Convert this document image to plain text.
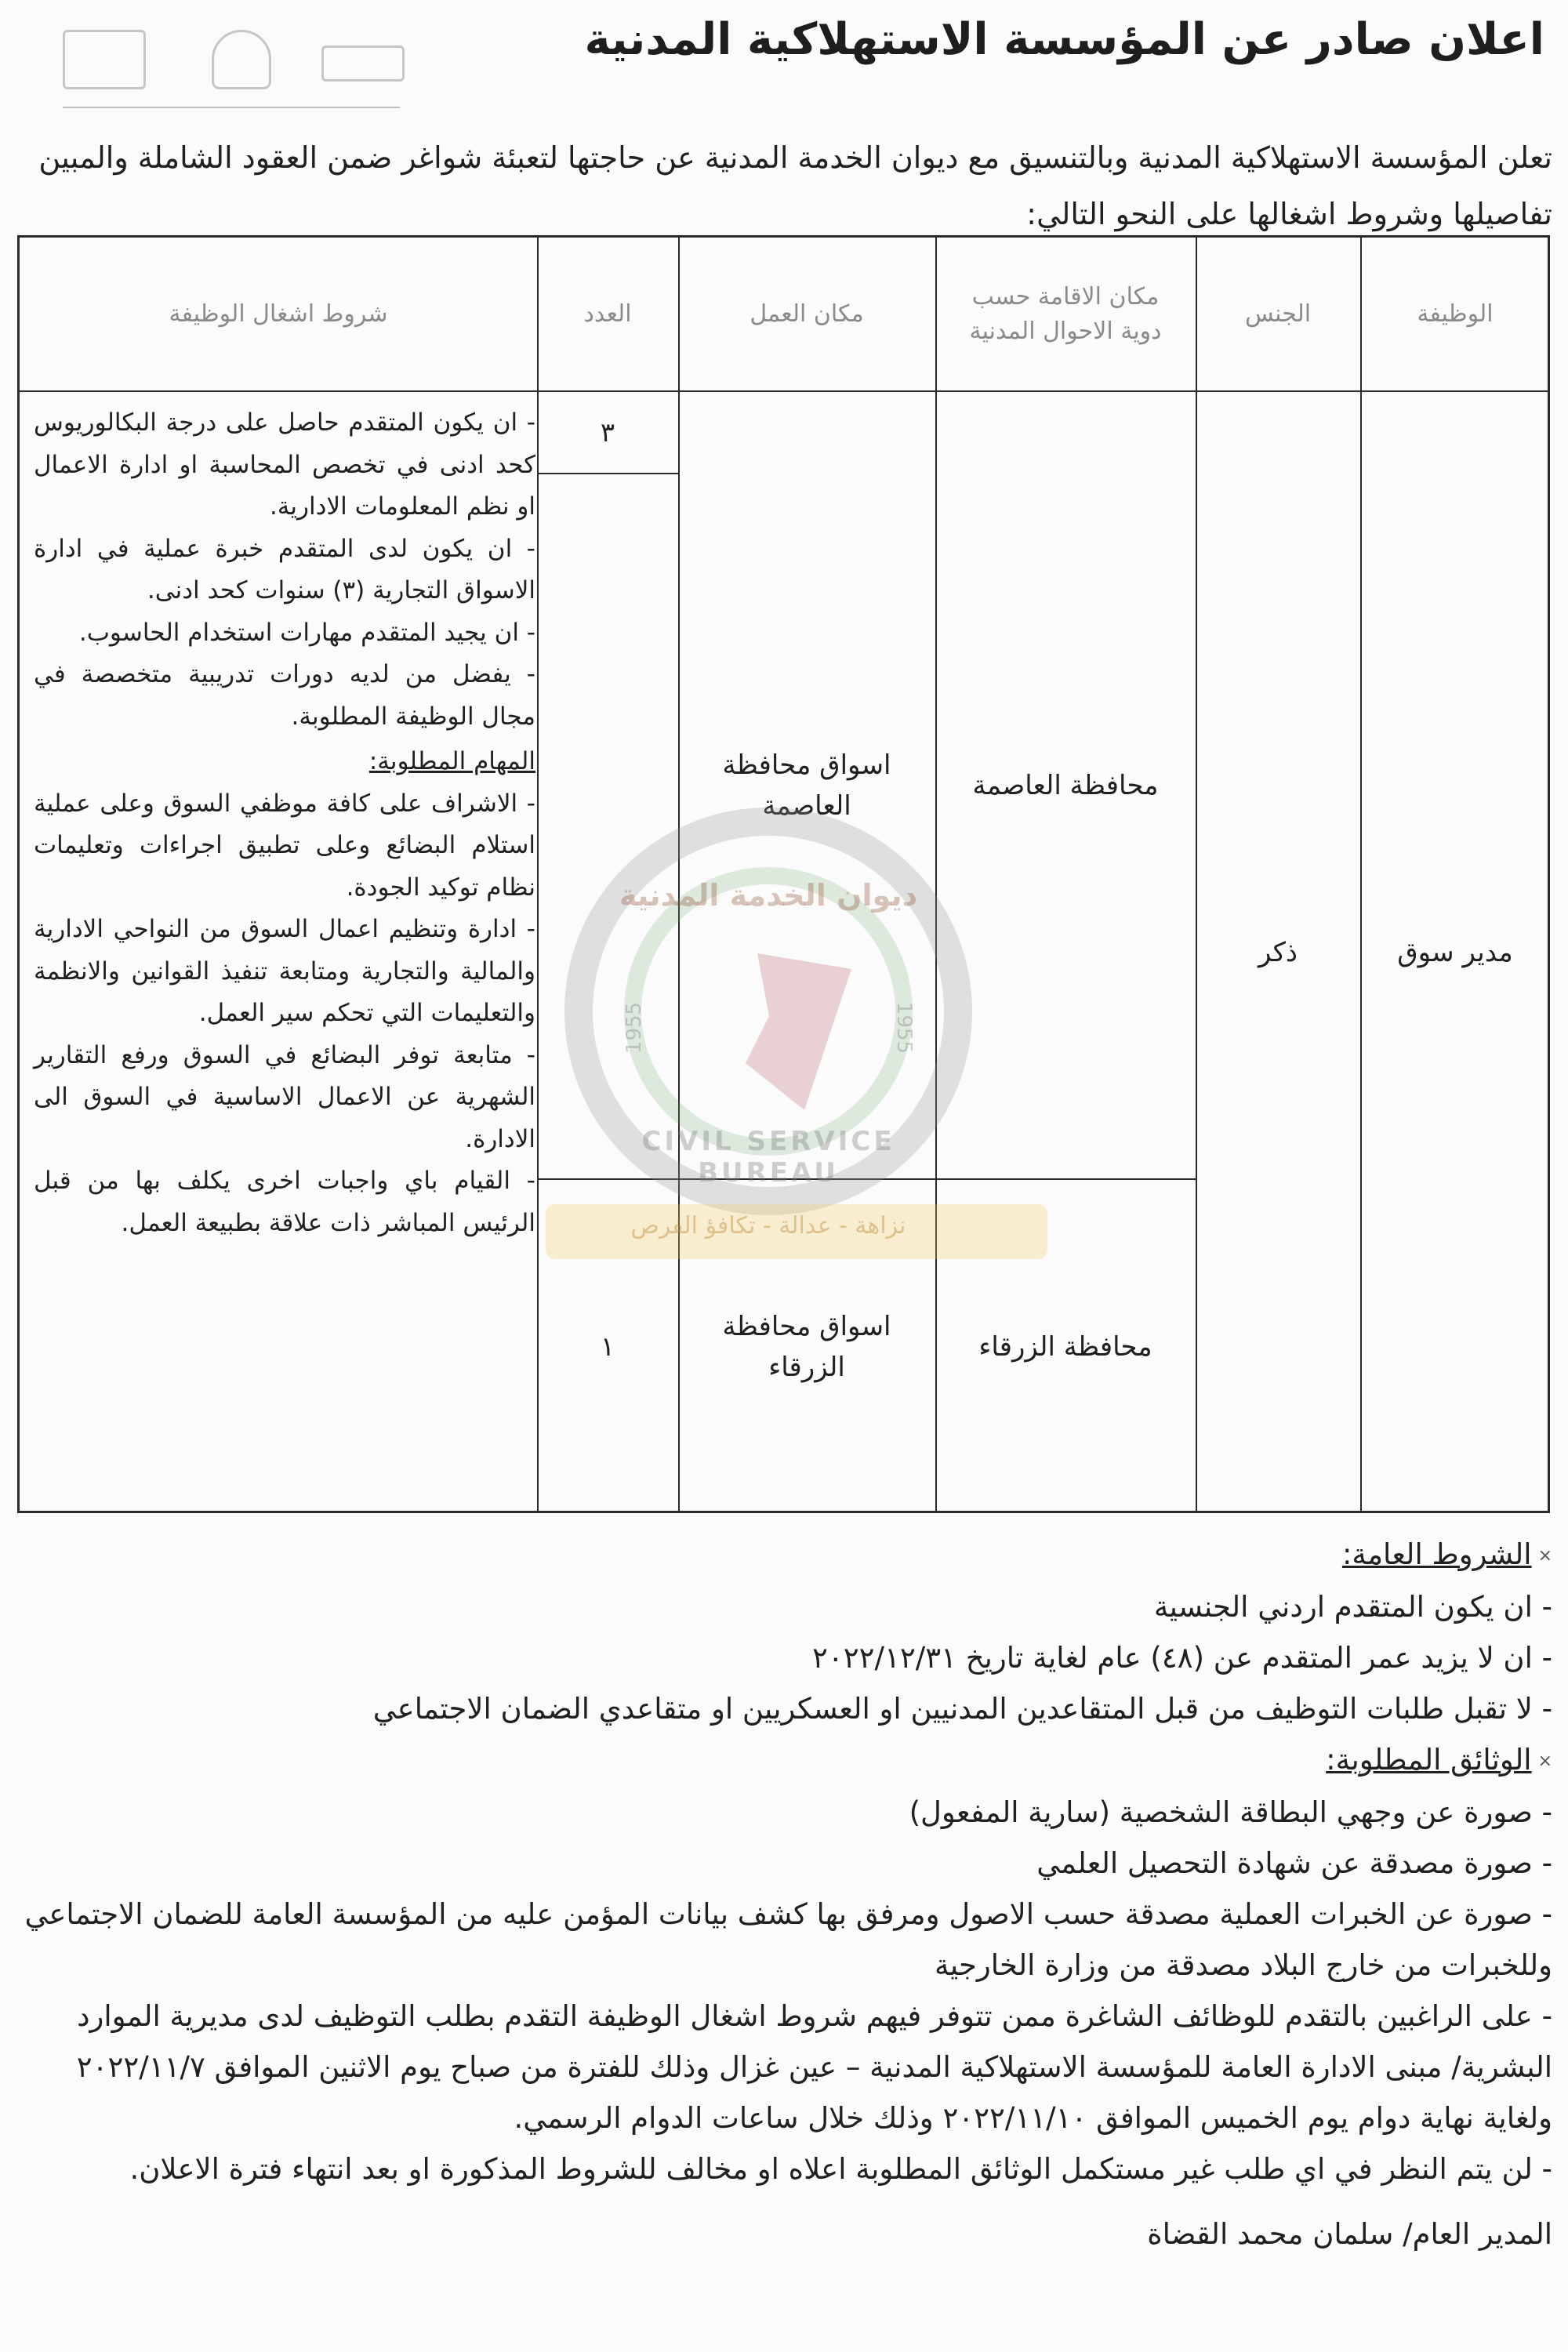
اعلان صادر عن المؤسسة الاستهلاكية المدنية
تعلن المؤسسة الاستهلاكية المدنية وبالتنسيق مع ديوان الخدمة المدنية عن حاجتها لتعبئة شواغر ضمن العقود الشاملة والمبين تفاصيلها وشروط اشغالها على النحو التالي:
الوظيفة
الجنس
مكان الاقامة حسب دوية الاحوال المدنية
مكان العمل
العدد
شروط اشغال الوظيفة
مدير سوق
ذكر
محافظة العاصمة
محافظة الزرقاء
اسواق محافظة العاصمة
اسواق محافظة الزرقاء
٣
١

- ان يكون المتقدم حاصل على درجة البكالوريوس كحد ادنى في تخصص المحاسبة او ادارة الاعمال او نظم المعلومات الادارية.

- ان يكون لدى المتقدم خبرة عملية في ادارة الاسواق التجارية (٣) سنوات كحد ادنى.

- ان يجيد المتقدم مهارات استخدام الحاسوب.

- يفضل من لديه دورات تدريبية متخصصة في مجال الوظيفة المطلوبة.

المهام المطلوبة:

- الاشراف على كافة موظفي السوق وعلى عملية استلام البضائع وعلى تطبيق اجراءات وتعليمات نظام توكيد الجودة.

- ادارة وتنظيم اعمال السوق من النواحي الادارية والمالية والتجارية ومتابعة تنفيذ القوانين والانظمة والتعليمات التي تحكم سير العمل.

- متابعة توفر البضائع في السوق ورفع التقارير الشهرية عن الاعمال الاساسية في السوق الى الادارة.

- القيام باي واجبات اخرى يكلف بها من قبل الرئيس المباشر ذات علاقة بطبيعة العمل.

ديوان الخدمة المدنية
1955	1955
CIVIL SERVICE BUREAU
نزاهة - عدالة - تكافؤ الفرص

×الشروط العامة:

- ان يكون المتقدم اردني الجنسية

- ان لا يزيد عمر المتقدم عن (٤٨) عام لغاية تاريخ ٢٠٢٢/١٢/٣١

- لا تقبل طلبات التوظيف من قبل المتقاعدين المدنيين او العسكريين او متقاعدي الضمان الاجتماعي

×الوثائق المطلوبة:

- صورة عن وجهي البطاقة الشخصية (سارية المفعول)

- صورة مصدقة عن شهادة التحصيل العلمي

- صورة عن الخبرات العملية مصدقة حسب الاصول ومرفق بها كشف بيانات المؤمن عليه من المؤسسة العامة للضمان الاجتماعي وللخبرات من خارج البلاد مصدقة من وزارة الخارجية

- على الراغبين بالتقدم للوظائف الشاغرة ممن تتوفر فيهم شروط اشغال الوظيفة التقدم بطلب التوظيف لدى مديرية الموارد البشرية/ مبنى الادارة العامة للمؤسسة الاستهلاكية المدنية – عين غزال وذلك للفترة من صباح يوم الاثنين الموافق ٢٠٢٢/١١/٧ ولغاية نهاية دوام يوم الخميس الموافق ٢٠٢٢/١١/١٠ وذلك خلال ساعات الدوام الرسمي.

- لن يتم النظر في اي طلب غير مستكمل الوثائق المطلوبة اعلاه او مخالف للشروط المذكورة او بعد انتهاء فترة الاعلان.

المدير العام/ سلمان محمد القضاة
